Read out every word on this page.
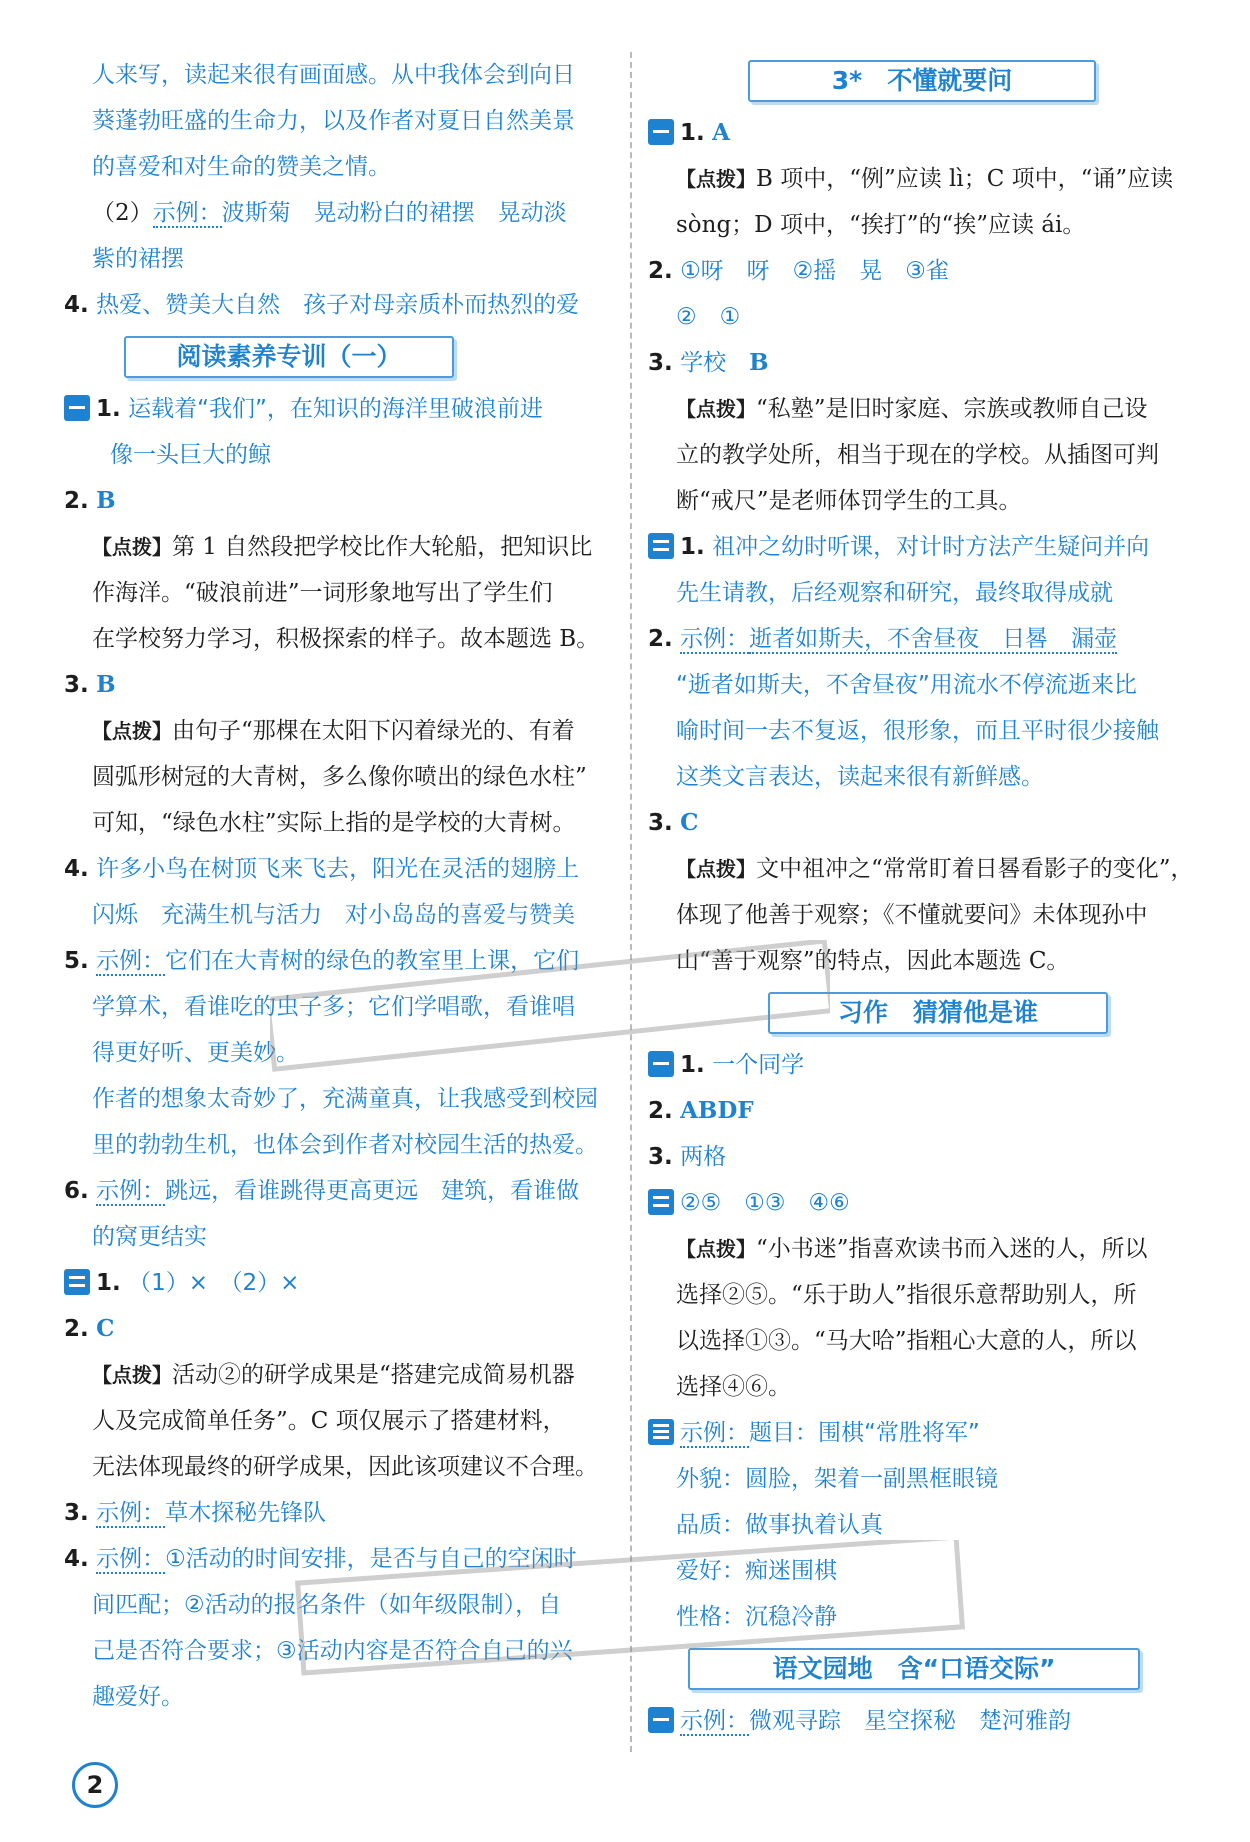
人来写，读起来很有画面感。从中我体会到向日
葵蓬勃旺盛的生命力，以及作者对夏日自然美景
的喜爱和对生命的赞美之情。
（2）示例：波斯菊　晃动粉白的裙摆　晃动淡
紫的裙摆
4. 热爱、赞美大自然　孩子对母亲质朴而热烈的爱
阅读素养专训（一）
1. 运载着“我们”，在知识的海洋里破浪前进
像一头巨大的鲸
2. B
【点拨】第 1 自然段把学校比作大轮船，把知识比
作海洋。“破浪前进”一词形象地写出了学生们
在学校努力学习，积极探索的样子。故本题选 B。
3. B
【点拨】由句子“那棵在太阳下闪着绿光的、有着
圆弧形树冠的大青树，多么像你喷出的绿色水柱”
可知，“绿色水柱”实际上指的是学校的大青树。
4. 许多小鸟在树顶飞来飞去，阳光在灵活的翅膀上
闪烁　充满生机与活力　对小岛岛的喜爱与赞美
5. 示例：它们在大青树的绿色的教室里上课，它们
学算术，看谁吃的虫子多；它们学唱歌，看谁唱
得更好听、更美妙。
作者的想象太奇妙了，充满童真，让我感受到校园
里的勃勃生机，也体会到作者对校园生活的热爱。
6. 示例：跳远，看谁跳得更高更远　建筑，看谁做
的窝更结实
1. （1）×　（2）×
2. C
【点拨】活动②的研学成果是“搭建完成简易机器
人及完成简单任务”。C 项仅展示了搭建材料，
无法体现最终的研学成果，因此该项建议不合理。
3. 示例：草木探秘先锋队
4. 示例：①活动的时间安排，是否与自己的空闲时
间匹配；②活动的报名条件（如年级限制），自
己是否符合要求；③活动内容是否符合自己的兴
趣爱好。
3*　不懂就要问
1. A
【点拨】B 项中，“例”应读 lì；C 项中，“诵”应读
sòng；D 项中，“挨打”的“挨”应读 ái。
2. ①呀　呀　②摇　晃　③雀
②　①
3. 学校　 B
【点拨】“私塾”是旧时家庭、宗族或教师自己设
立的教学处所，相当于现在的学校。从插图可判
断“戒尺”是老师体罚学生的工具。
1. 祖冲之幼时听课，对计时方法产生疑问并向
先生请教，后经观察和研究，最终取得成就
2. 示例：逝者如斯夫，不舍昼夜　日晷　漏壶
“逝者如斯夫，不舍昼夜”用流水不停流逝来比
喻时间一去不复返，很形象，而且平时很少接触
这类文言表达，读起来很有新鲜感。
3. C
【点拨】文中祖冲之“常常盯着日晷看影子的变化”，
体现了他善于观察；《不懂就要问》未体现孙中
山“善于观察”的特点，因此本题选 C。
习作　猜猜他是谁
1. 一个同学
2. ABDF
3. 两格
②⑤　①③　④⑥
【点拨】“小书迷”指喜欢读书而入迷的人，所以
选择②⑤。“乐于助人”指很乐意帮助别人，所
以选择①③。“马大哈”指粗心大意的人，所以
选择④⑥。
示例：题目：围棋“常胜将军”
外貌：圆脸，架着一副黑框眼镜
品质：做事执着认真
爱好：痴迷围棋
性格：沉稳冷静
语文园地　含“口语交际”
示例：微观寻踪　星空探秘　楚河雅韵
2
